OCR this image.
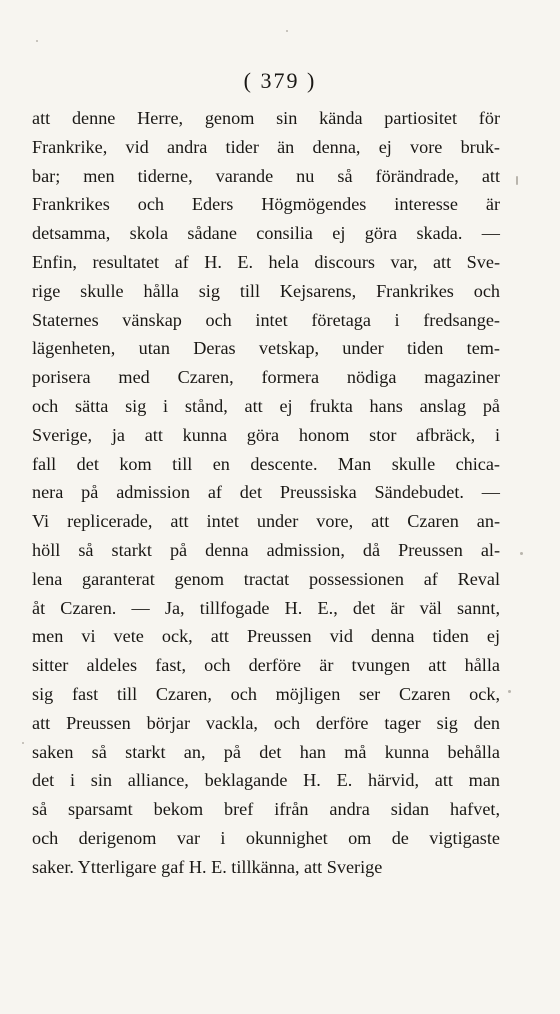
( 379 )
att denne Herre, genom sin kända partiositet för
Frankrike, vid andra tider än denna, ej vore bruk-
bar; men tiderne, varande nu så förändrade, att
Frankrikes och Eders Högmögendes interesse är
detsamma, skola sådane consilia ej göra skada. —
Enfin, resultatet af H. E. hela discours var, att Sve-
rige skulle hålla sig till Kejsarens, Frankrikes och
Staternes vänskap och intet företaga i fredsange-
lägenheten, utan Deras vetskap, under tiden tem-
porisera med Czaren, formera nödiga magaziner
och sätta sig i stånd, att ej frukta hans anslag på
Sverige, ja att kunna göra honom stor afbräck, i
fall det kom till en descente. Man skulle chica-
nera på admission af det Preussiska Sändebudet. —
Vi replicerade, att intet under vore, att Czaren an-
höll så starkt på denna admission, då Preussen al-
lena garanterat genom tractat possessionen af Reval
åt Czaren. — Ja, tillfogade H. E., det är väl sannt,
men vi vete ock, att Preussen vid denna tiden ej
sitter aldeles fast, och derföre är tvungen att hålla
sig fast till Czaren, och möjligen ser Czaren ock,
att Preussen börjar vackla, och derföre tager sig den
saken så starkt an, på det han må kunna behålla
det i sin alliance, beklagande H. E. härvid, att man
så sparsamt bekom bref ifrån andra sidan hafvet,
och derigenom var i okunnighet om de vigtigaste
saker. Ytterligare gaf H. E. tillkänna, att Sverige
